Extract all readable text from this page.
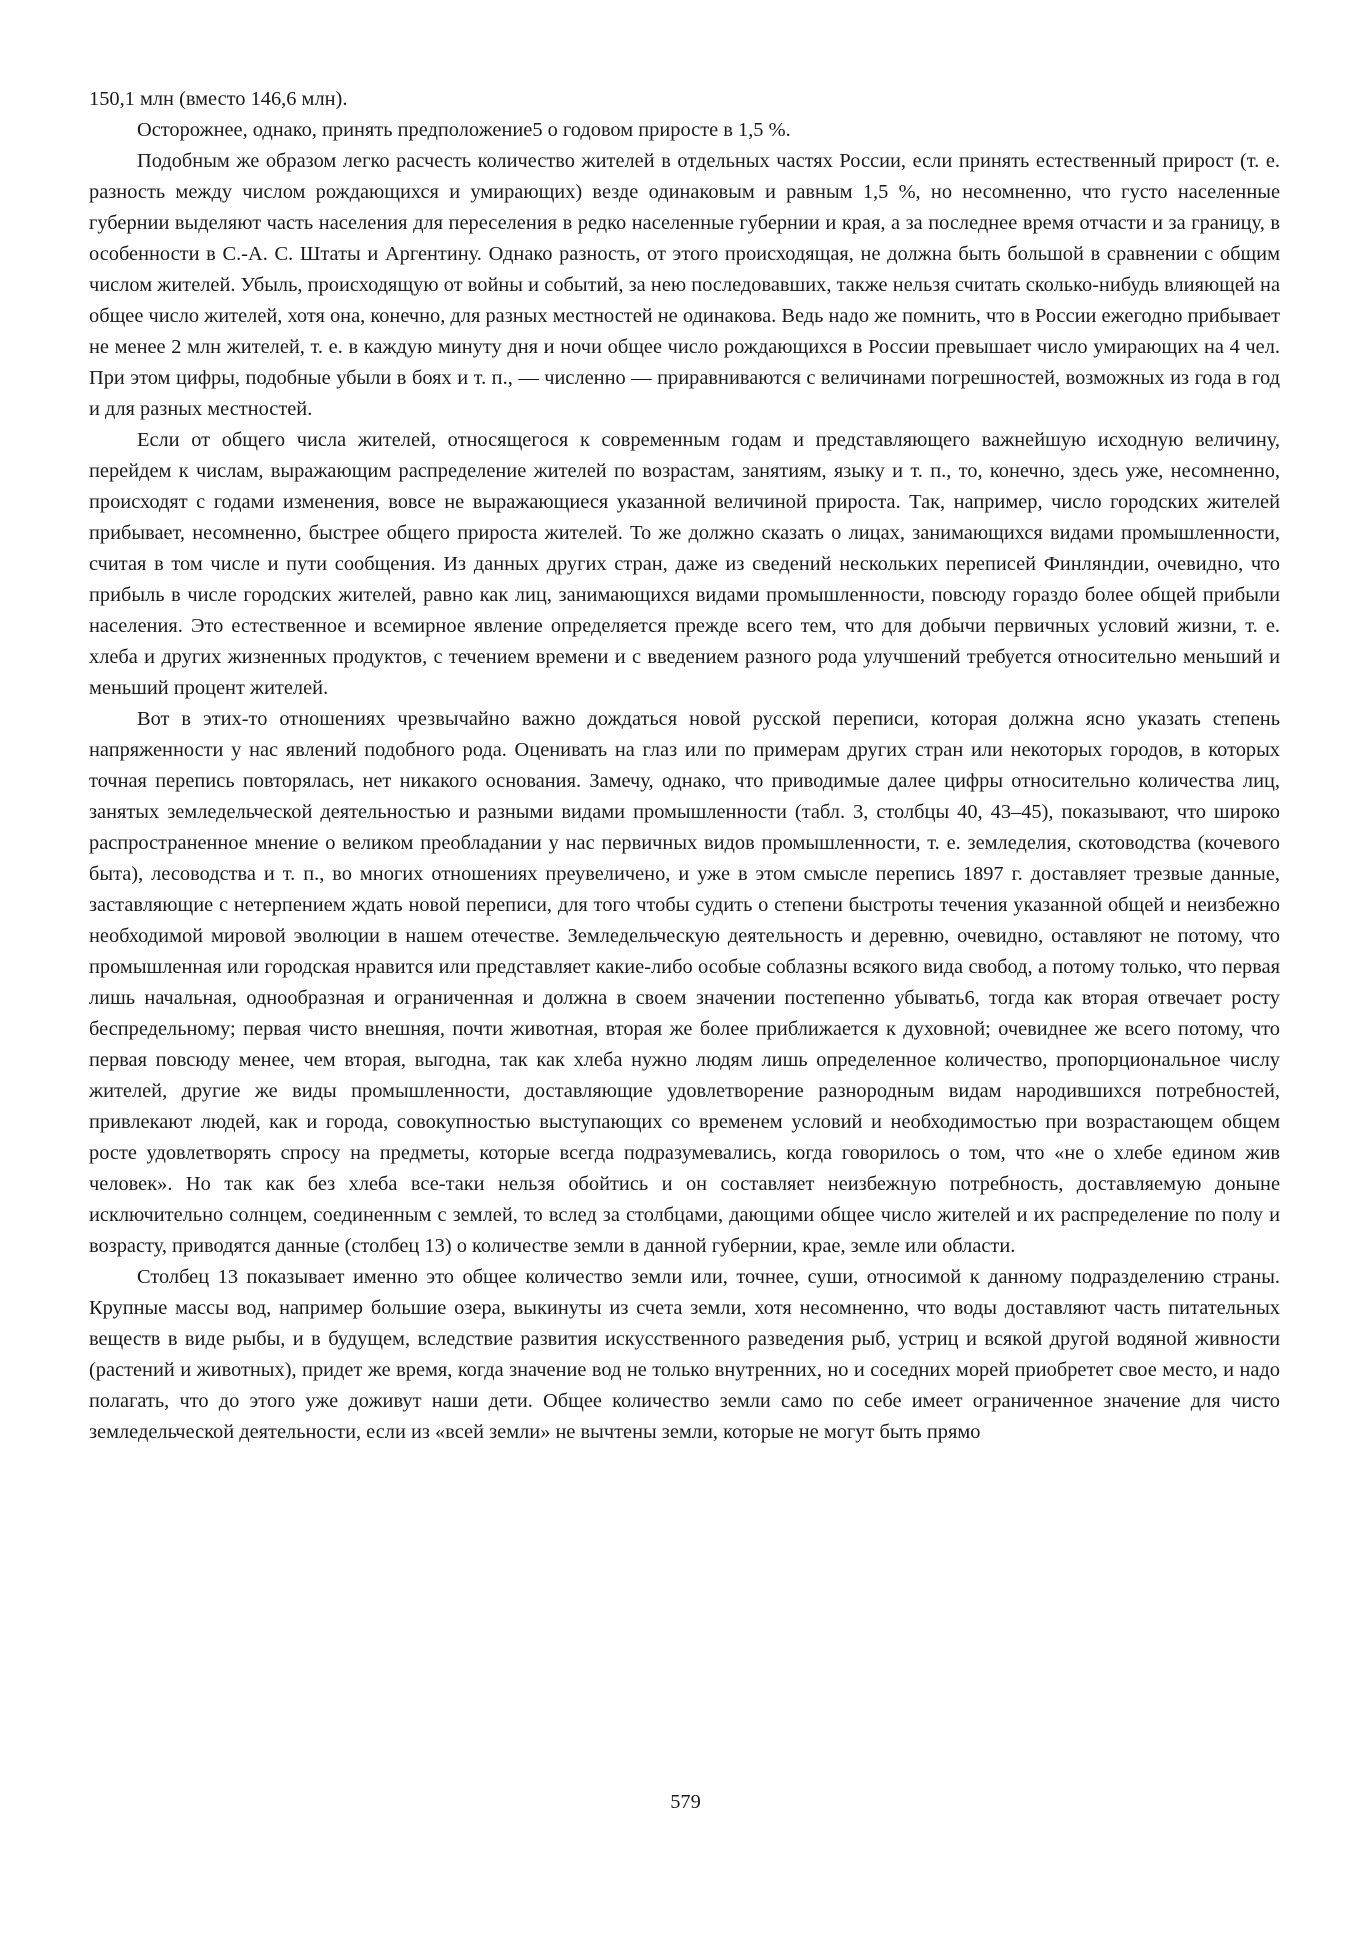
150,1 млн (вместо 146,6 млн).

Осторожнее, однако, принять предположение5 о годовом приросте в 1,5 %.

Подобным же образом легко расчесть количество жителей в отдельных частях России, если принять естественный прирост (т. е. разность между числом рождающихся и умирающих) везде одинаковым и равным 1,5 %, но несомненно, что густо населенные губернии выделяют часть населения для переселения в редко населенные губернии и края, а за последнее время отчасти и за границу, в особенности в С.-А. С. Штаты и Аргентину. Однако разность, от этого происходящая, не должна быть большой в сравнении с общим числом жителей. Убыль, происходящую от войны и событий, за нею последовавших, также нельзя считать сколько-нибудь влияющей на общее число жителей, хотя она, конечно, для разных местностей не одинакова. Ведь надо же помнить, что в России ежегодно прибывает не менее 2 млн жителей, т. е. в каждую минуту дня и ночи общее число рождающихся в России превышает число умирающих на 4 чел. При этом цифры, подобные убыли в боях и т. п., — численно — приравниваются с величинами погрешностей, возможных из года в год и для разных местностей.

Если от общего числа жителей, относящегося к современным годам и представляющего важнейшую исходную величину, перейдем к числам, выражающим распределение жителей по возрастам, занятиям, языку и т. п., то, конечно, здесь уже, несомненно, происходят с годами изменения, вовсе не выражающиеся указанной величиной прироста. Так, например, число городских жителей прибывает, несомненно, быстрее общего прироста жителей. То же должно сказать о лицах, занимающихся видами промышленности, считая в том числе и пути сообщения. Из данных других стран, даже из сведений нескольких переписей Финляндии, очевидно, что прибыль в числе городских жителей, равно как лиц, занимающихся видами промышленности, повсюду гораздо более общей прибыли населения. Это естественное и всемирное явление определяется прежде всего тем, что для добычи первичных условий жизни, т. е. хлеба и других жизненных продуктов, с течением времени и с введением разного рода улучшений требуется относительно меньший и меньший процент жителей.

Вот в этих-то отношениях чрезвычайно важно дождаться новой русской переписи, которая должна ясно указать степень напряженности у нас явлений подобного рода. Оценивать на глаз или по примерам других стран или некоторых городов, в которых точная перепись повторялась, нет никакого основания. Замечу, однако, что приводимые далее цифры относительно количества лиц, занятых земледельческой деятельностью и разными видами промышленности (табл. 3, столбцы 40, 43–45), показывают, что широко распространенное мнение о великом преобладании у нас первичных видов промышленности, т. е. земледелия, скотоводства (кочевого быта), лесоводства и т. п., во многих отношениях преувеличено, и уже в этом смысле перепись 1897 г. доставляет трезвые данные, заставляющие с нетерпением ждать новой переписи, для того чтобы судить о степени быстроты течения указанной общей и неизбежно необходимой мировой эволюции в нашем отечестве. Земледельческую деятельность и деревню, очевидно, оставляют не потому, что промышленная или городская нравится или представляет какие-либо особые соблазны всякого вида свобод, а потому только, что первая лишь начальная, однообразная и ограниченная и должна в своем значении постепенно убывать6, тогда как вторая отвечает росту беспредельному; первая чисто внешняя, почти животная, вторая же более приближается к духовной; очевиднее же всего потому, что первая повсюду менее, чем вторая, выгодна, так как хлеба нужно людям лишь определенное количество, пропорциональное числу жителей, другие же виды промышленности, доставляющие удовлетворение разнородным видам народившихся потребностей, привлекают людей, как и города, совокупностью выступающих со временем условий и необходимостью при возрастающем общем росте удовлетворять спросу на предметы, которые всегда подразумевались, когда говорилось о том, что «не о хлебе едином жив человек». Но так как без хлеба все-таки нельзя обойтись и он составляет неизбежную потребность, доставляемую доныне исключительно солнцем, соединенным с землей, то вслед за столбцами, дающими общее число жителей и их распределение по полу и возрасту, приводятся данные (столбец 13) о количестве земли в данной губернии, крае, земле или области.

Столбец 13 показывает именно это общее количество земли или, точнее, суши, относимой к данному подразделению страны. Крупные массы вод, например большие озера, выкинуты из счета земли, хотя несомненно, что воды доставляют часть питательных веществ в виде рыбы, и в будущем, вследствие развития искусственного разведения рыб, устриц и всякой другой водяной живности (растений и животных), придет же время, когда значение вод не только внутренних, но и соседних морей приобретет свое место, и надо полагать, что до этого уже доживут наши дети. Общее количество земли само по себе имеет ограниченное значение для чисто земледельческой деятельности, если из «всей земли» не вычтены земли, которые не могут быть прямо

579
